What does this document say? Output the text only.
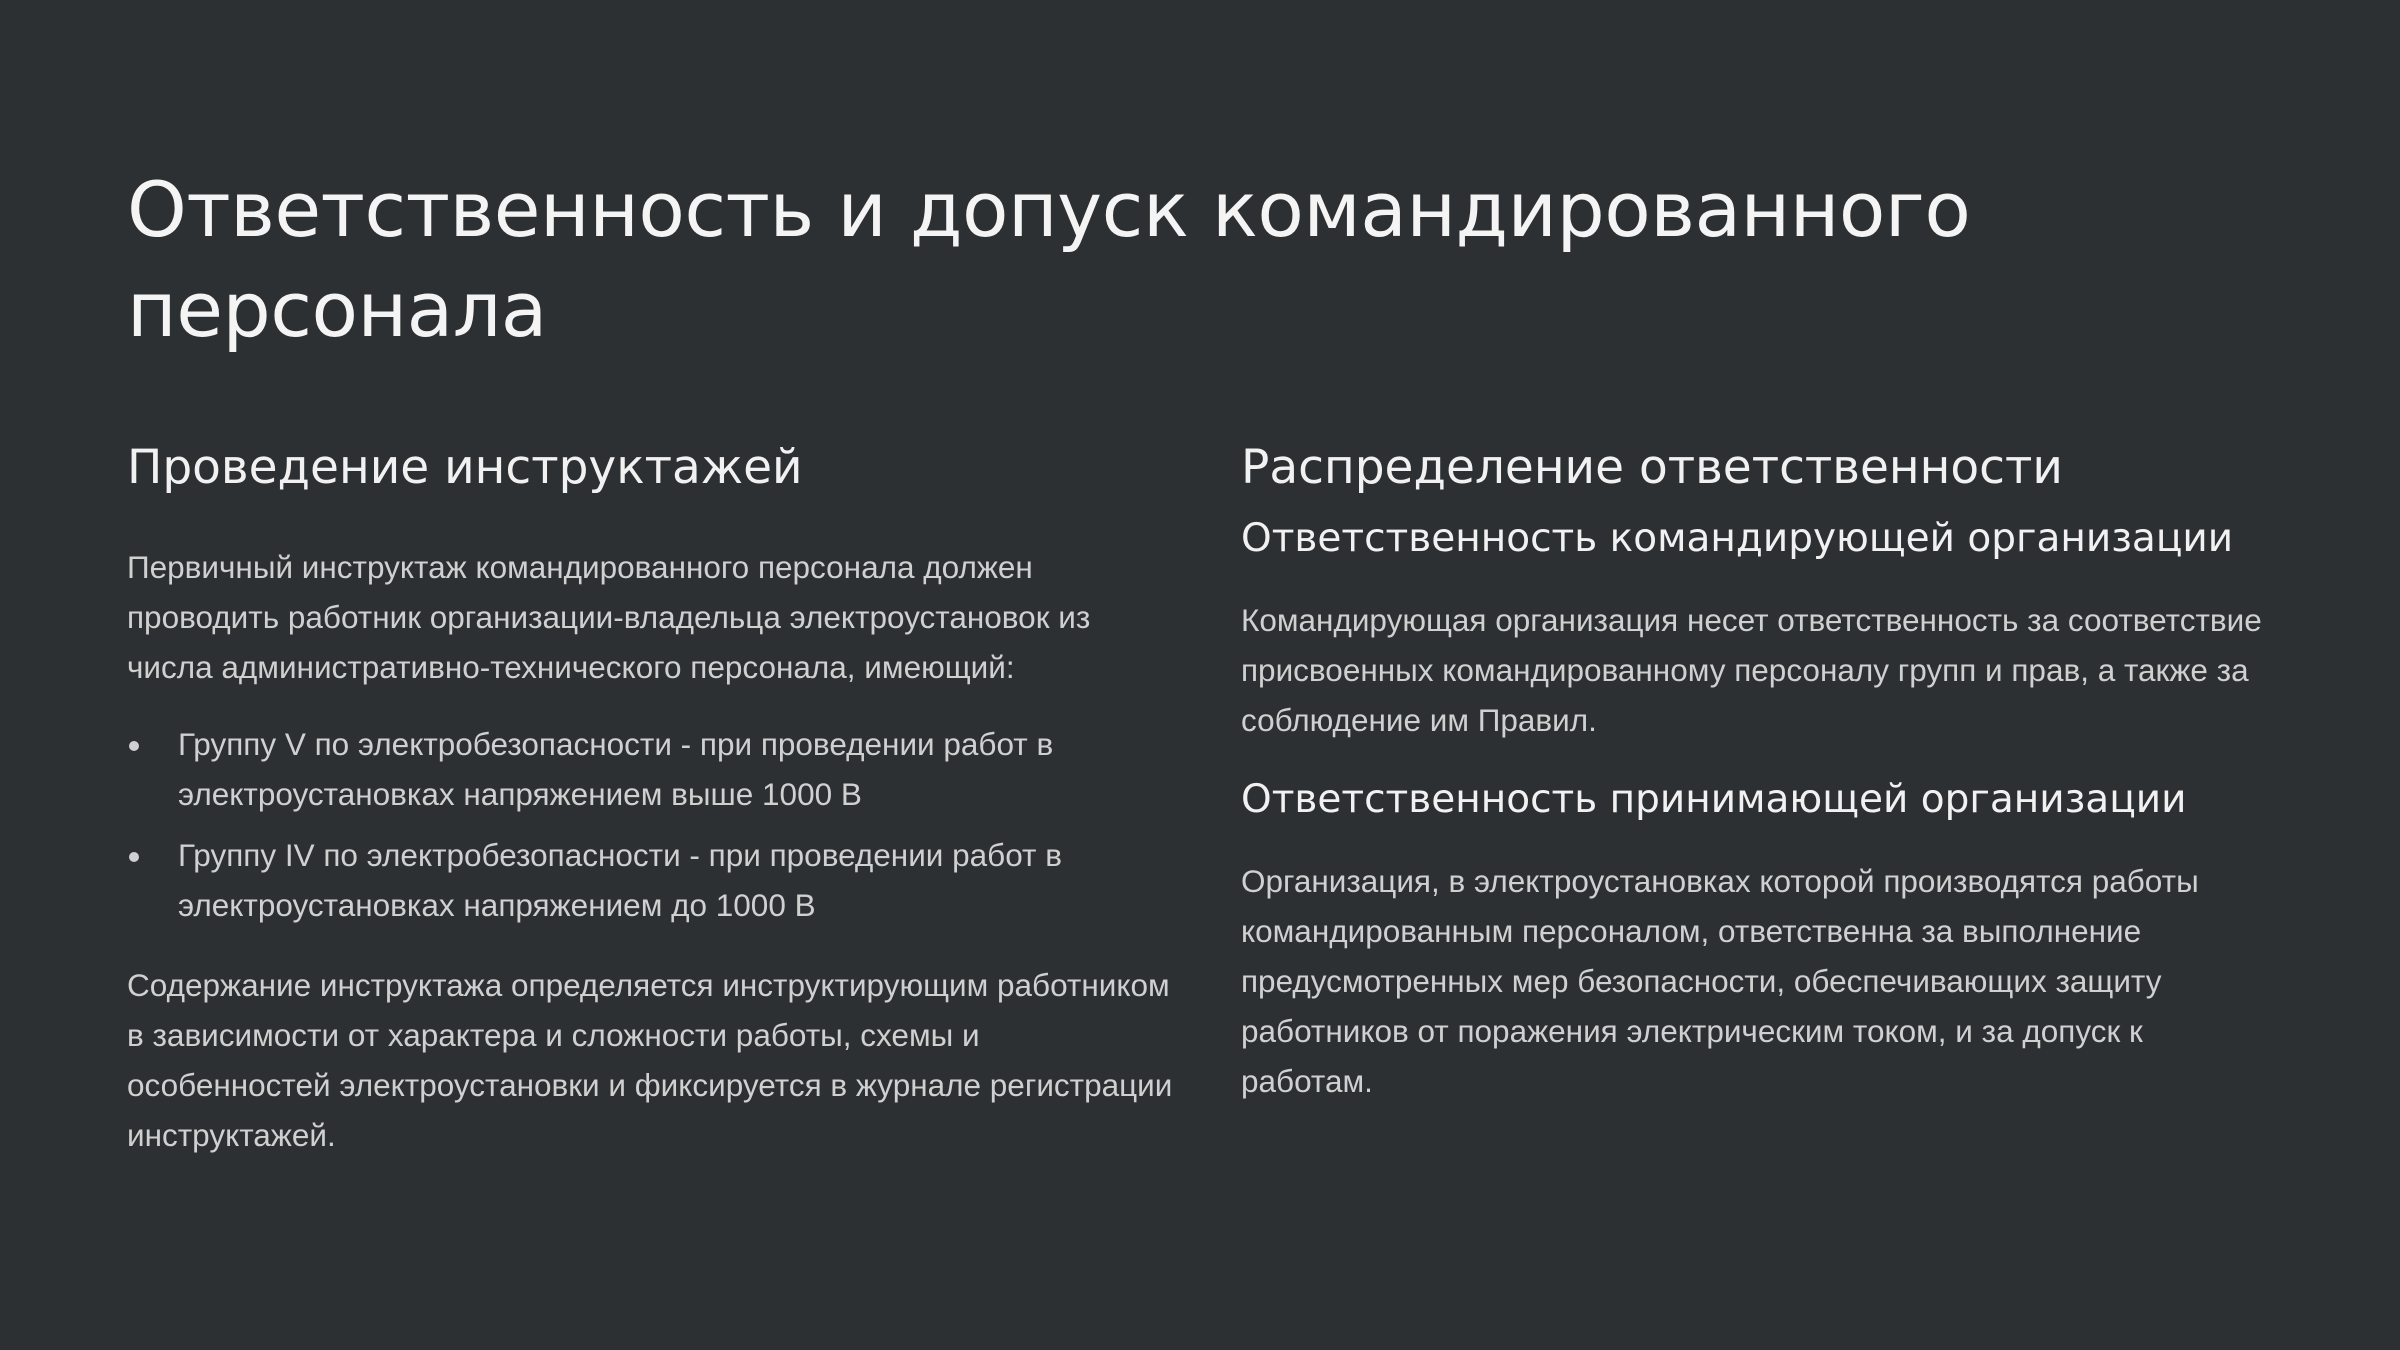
Ответственность и допуск командированного персонала
Проведение инструктажей

Первичный инструктаж командированного персонала должен проводить работник организации-владельца электроустановок из числа административно-технического персонала, имеющий:

Группу V по электробезопасности - при проведении работ в электроустановках напряжением выше 1000 В
Группу IV по электробезопасности - при проведении работ в электроустановках напряжением до 1000 В

Содержание инструктажа определяется инструктирующим работником в зависимости от характера и сложности работы, схемы и особенностей электроустановки и фиксируется в журнале регистрации инструктажей.

Распределение ответственности
Ответственность командирующей организации

Командирующая организация несет ответственность за соответствие присвоенных командированному персоналу групп и прав, а также за соблюдение им Правил.

Ответственность принимающей организации

Организация, в электроустановках которой производятся работы командированным персоналом, ответственна за выполнение предусмотренных мер безопасности, обеспечивающих защиту работников от поражения электрическим током, и за допуск к работам.
